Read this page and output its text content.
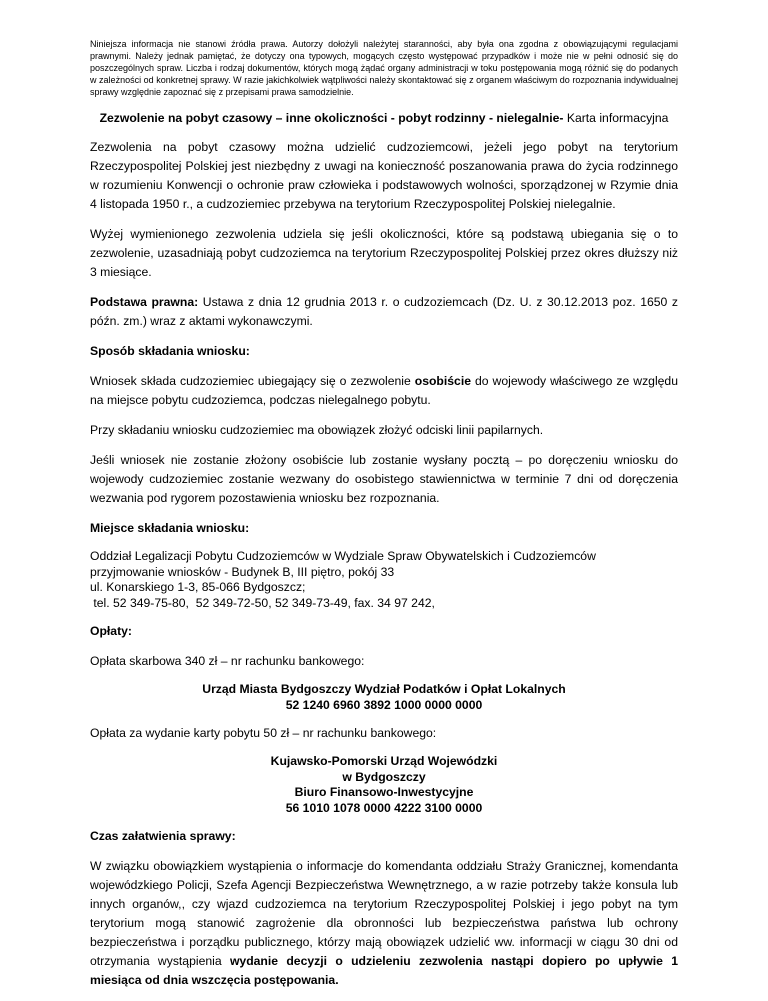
Niniejsza informacja nie stanowi źródła prawa. Autorzy dołożyli należytej staranności, aby była ona zgodna z obowiązującymi regulacjami prawnymi. Należy jednak pamiętać, że dotyczy ona typowych, mogących często występować przypadków i może nie w pełni odnosić się do poszczególnych spraw. Liczba i rodzaj dokumentów, których mogą żądać organy administracji w toku postępowania mogą różnić się do podanych w zależności od konkretnej sprawy. W razie jakichkolwiek wątpliwości należy skontaktować się z organem właściwym do rozpoznania indywidualnej sprawy względnie zapoznać się z przepisami prawa samodzielnie.

Zezwolenie na pobyt czasowy – inne okoliczności - pobyt rodzinny - nielegalnie- Karta informacyjna

Zezwolenia na pobyt czasowy można udzielić cudzoziemcowi, jeżeli jego pobyt na terytorium Rzeczypospolitej Polskiej jest niezbędny z uwagi na konieczność poszanowania prawa do życia rodzinnego w rozumieniu Konwencji o ochronie praw człowieka i podstawowych wolności, sporządzonej w Rzymie dnia 4 listopada 1950 r., a cudzoziemiec przebywa na terytorium Rzeczypospolitej Polskiej nielegalnie.

Wyżej wymienionego zezwolenia udziela się jeśli okoliczności, które są podstawą ubiegania się o to zezwolenie, uzasadniają pobyt cudzoziemca na terytorium Rzeczypospolitej Polskiej przez okres dłuższy niż 3 miesiące.

Podstawa prawna: Ustawa z dnia 12 grudnia 2013 r. o cudzoziemcach (Dz. U. z 30.12.2013 poz. 1650 z późn. zm.) wraz z aktami wykonawczymi.

Sposób składania wniosku:

Wniosek składa cudzoziemiec ubiegający się o zezwolenie osobiście do wojewody właściwego ze względu na miejsce pobytu cudzoziemca, podczas nielegalnego pobytu.

Przy składaniu wniosku cudzoziemiec ma obowiązek złożyć odciski linii papilarnych.

Jeśli wniosek nie zostanie złożony osobiście lub zostanie wysłany pocztą – po doręczeniu wniosku do wojewody cudzoziemiec zostanie wezwany do osobistego stawiennictwa w terminie 7 dni od doręczenia wezwania pod rygorem pozostawienia wniosku bez rozpoznania.

Miejsce składania wniosku:
Oddział Legalizacji Pobytu Cudzoziemców w Wydziale Spraw Obywatelskich i Cudzoziemców
przyjmowanie wniosków - Budynek B, III piętro, pokój 33
ul. Konarskiego 1-3, 85-066 Bydgoszcz;
tel. 52 349-75-80,  52 349-72-50, 52 349-73-49, fax. 34 97 242,
Opłaty:

Opłata skarbowa 340 zł – nr rachunku bankowego:

Urząd Miasta Bydgoszczy Wydział Podatków i Opłat Lokalnych
52 1240 6960 3892 1000 0000 0000

Opłata za wydanie karty pobytu 50 zł – nr rachunku bankowego:

Kujawsko-Pomorski Urząd Wojewódzki
w Bydgoszczy
Biuro Finansowo-Inwestycyjne
56 1010 1078 0000 4222 3100 0000
Czas załatwienia sprawy:

W związku obowiązkiem wystąpienia o informacje do komendanta oddziału Straży Granicznej, komendanta wojewódzkiego Policji, Szefa Agencji Bezpieczeństwa Wewnętrznego, a w razie potrzeby także konsula lub innych organów,, czy wjazd cudzoziemca na terytorium Rzeczypospolitej Polskiej i jego pobyt na tym terytorium mogą stanowić zagrożenie dla obronności lub bezpieczeństwa państwa lub ochrony bezpieczeństwa i porządku publicznego, którzy mają obowiązek udzielić ww. informacji w ciągu 30 dni od otrzymania wystąpienia wydanie decyzji o udzieleniu zezwolenia nastąpi dopiero po upływie 1 miesiąca od dnia wszczęcia postępowania.
